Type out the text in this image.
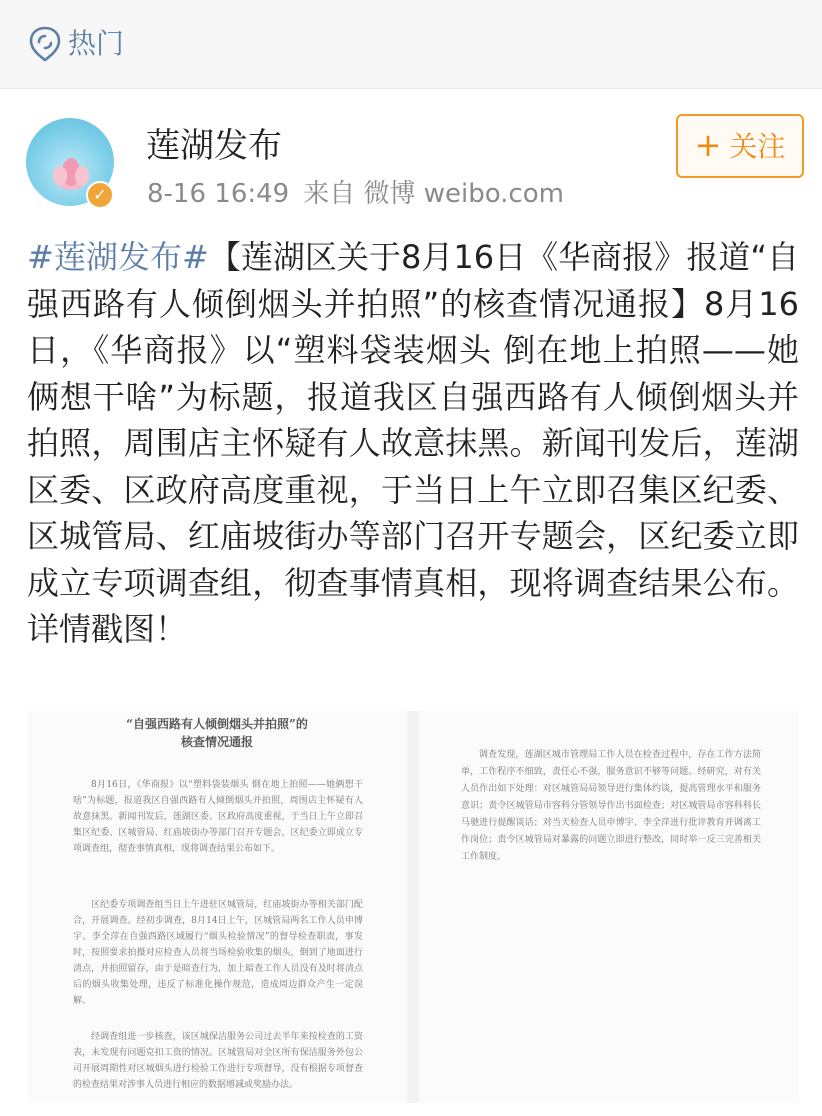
热门
✓
莲湖发布
8-16 16:49 来自 微博 weibo.com
+ 关注
#莲湖发布#【莲湖区关于8月16日《华商报》报道“自强西路有人倾倒烟头并拍照”的核查情况通报】8月16日，《华商报》以“塑料袋装烟头 倒在地上拍照——她俩想干啥”为标题，报道我区自强西路有人倾倒烟头并拍照，周围店主怀疑有人故意抹黑。新闻刊发后，莲湖区委、区政府高度重视，于当日上午立即召集区纪委、区城管局、红庙坡街办等部门召开专题会，区纪委立即成立专项调查组，彻查事情真相，现将调查结果公布。详情戳图！
“自强西路有人倾倒烟头并拍照”的
核查情况通报
8月16日，《华商报》以“塑料袋装烟头 倒在地上拍照——她俩想干啥”为标题，报道我区自强西路有人倾倒烟头并拍照，周围店主怀疑有人故意抹黑。新闻刊发后，莲湖区委、区政府高度重视，于当日上午立即召集区纪委、区城管局、红庙坡街办等部门召开专题会，区纪委立即成立专项调查组，彻查事情真相，现将调查结果公布如下。
区纪委专项调查组当日上午进驻区城管局，红庙坡街办等相关部门配合，开展调查。经初步调查，8月14日上午，区城管局两名工作人员申博宇、李全萍在自强西路区域履行“烟头检验情况”的督导检查职责，事发时，按照要求拍摄对应检查人员将当场检验收集的烟头，倒到了地面进行清点，并拍照留存，由于是暗查行为，加上暗查工作人员没有及时将清点后的烟头收集处理，违反了标准化操作规范，造成周边群众产生一定误解。
经调查组进一步核查，该区城保洁服务公司过去半年来按检查的工资表，未发现有问题克扣工资的情况。区城管局对全区所有保洁服务外包公司开展周期性对区城烟头进行检验工作进行专项督导，没有根据专项督查的检查结果对涉事人员进行相应的数据增减或奖励办法。
调查发现，莲湖区城市管理局工作人员在检查过程中，存在工作方法简单，工作程序不细致，责任心不强，服务意识不够等问题。经研究，对有关人员作出如下处理：对区城管局局领导进行集体约谈，提高管理水平和服务意识；责令区城管局市容科分管领导作出书面检查；对区城管局市容科科长马驰进行提醒谈话；对当天检查人员申博宇、李全萍进行批评教育并调离工作岗位；责令区城管局对暴露的问题立即进行整改，同时举一反三完善相关工作制度。
